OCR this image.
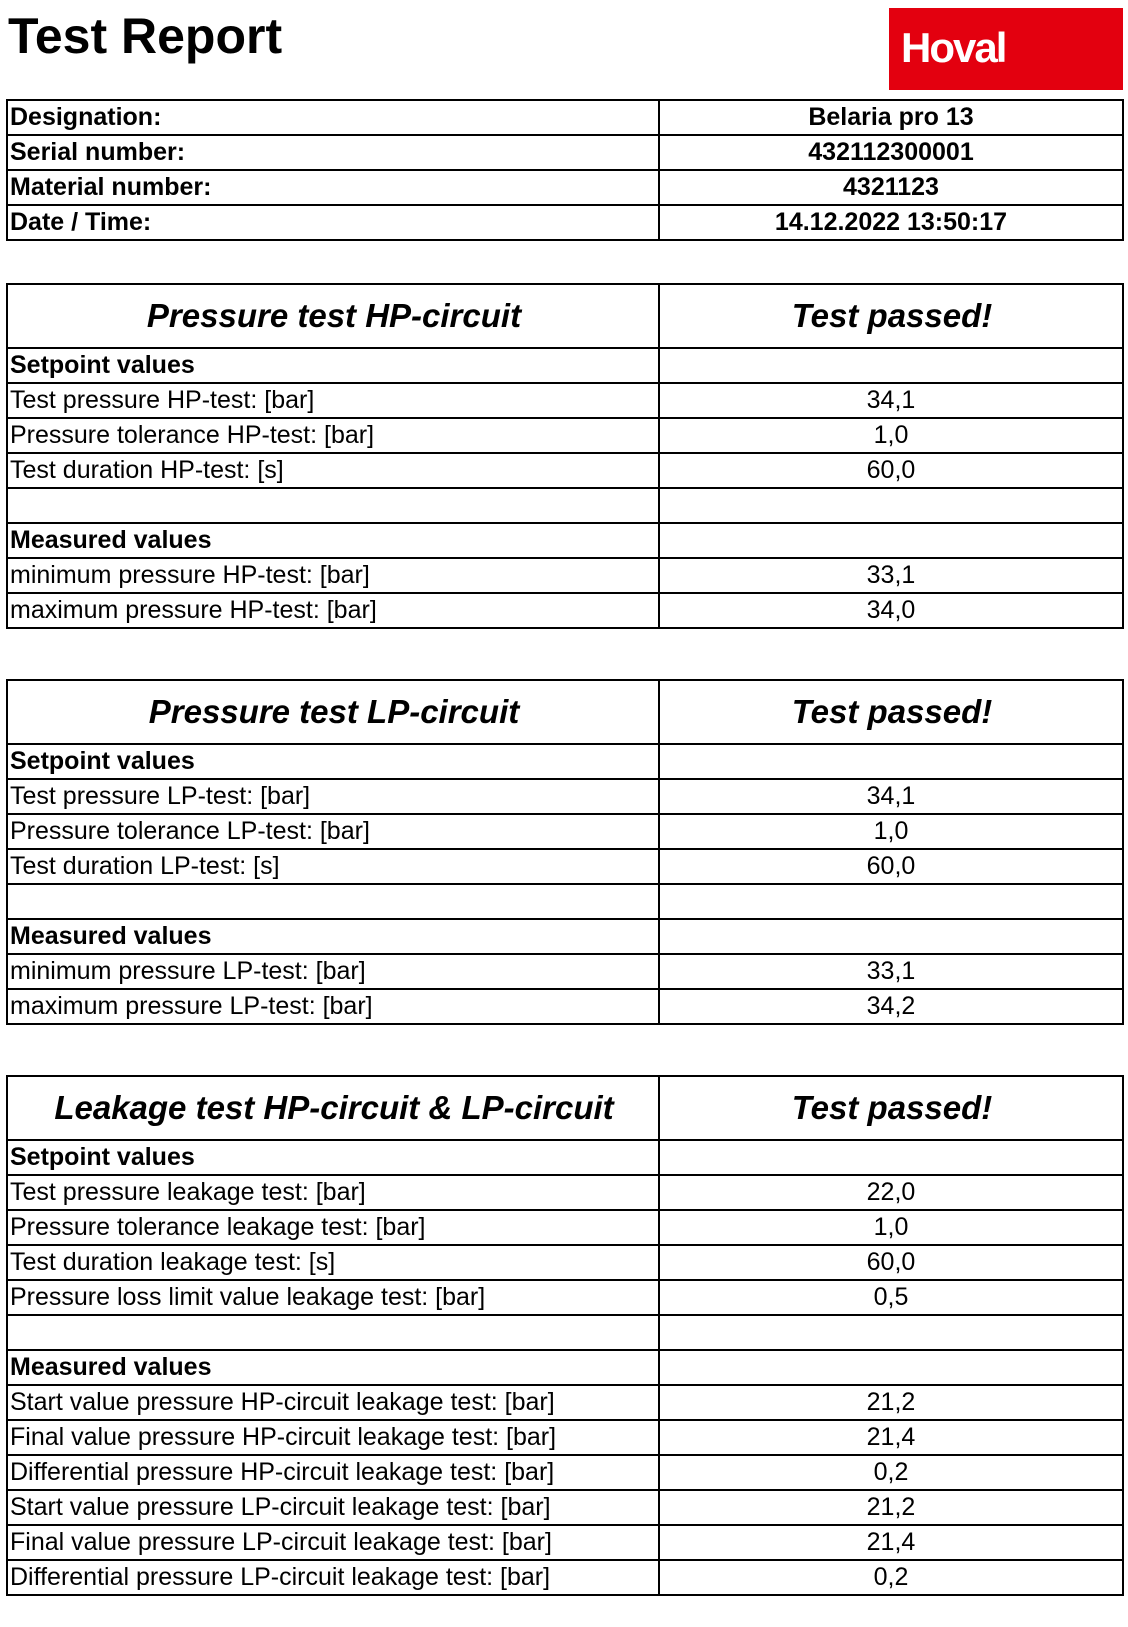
Test Report	Hoval
Designation:	Belaria pro 13
Serial number:	432112300001
Material number:	4321123
Date / Time:	14.12.2022 13:50:17
Pressure test HP-circuit	Test passed!
Setpoint values	
Test pressure HP-test: [bar]	34,1
Pressure tolerance HP-test: [bar]	1,0
Test duration HP-test: [s]	60,0

Measured values	
minimum pressure HP-test: [bar]	33,1
maximum pressure HP-test: [bar]	34,0
Pressure test LP-circuit	Test passed!
Setpoint values	
Test pressure LP-test: [bar]	34,1
Pressure tolerance LP-test: [bar]	1,0
Test duration LP-test: [s]	60,0

Measured values	
minimum pressure LP-test: [bar]	33,1
maximum pressure LP-test: [bar]	34,2
Leakage test HP-circuit & LP-circuit	Test passed!
Setpoint values	
Test pressure leakage test: [bar]	22,0
Pressure tolerance leakage test: [bar]	1,0
Test duration leakage test: [s]	60,0
Pressure loss limit value leakage test: [bar]	0,5

Measured values	
Start value pressure HP-circuit leakage test: [bar]	21,2
Final value pressure HP-circuit leakage test: [bar]	21,4
Differential pressure HP-circuit leakage test: [bar]	0,2
Start value pressure LP-circuit leakage test: [bar]	21,2
Final value pressure LP-circuit leakage test: [bar]	21,4
Differential pressure LP-circuit leakage test: [bar]	0,2
